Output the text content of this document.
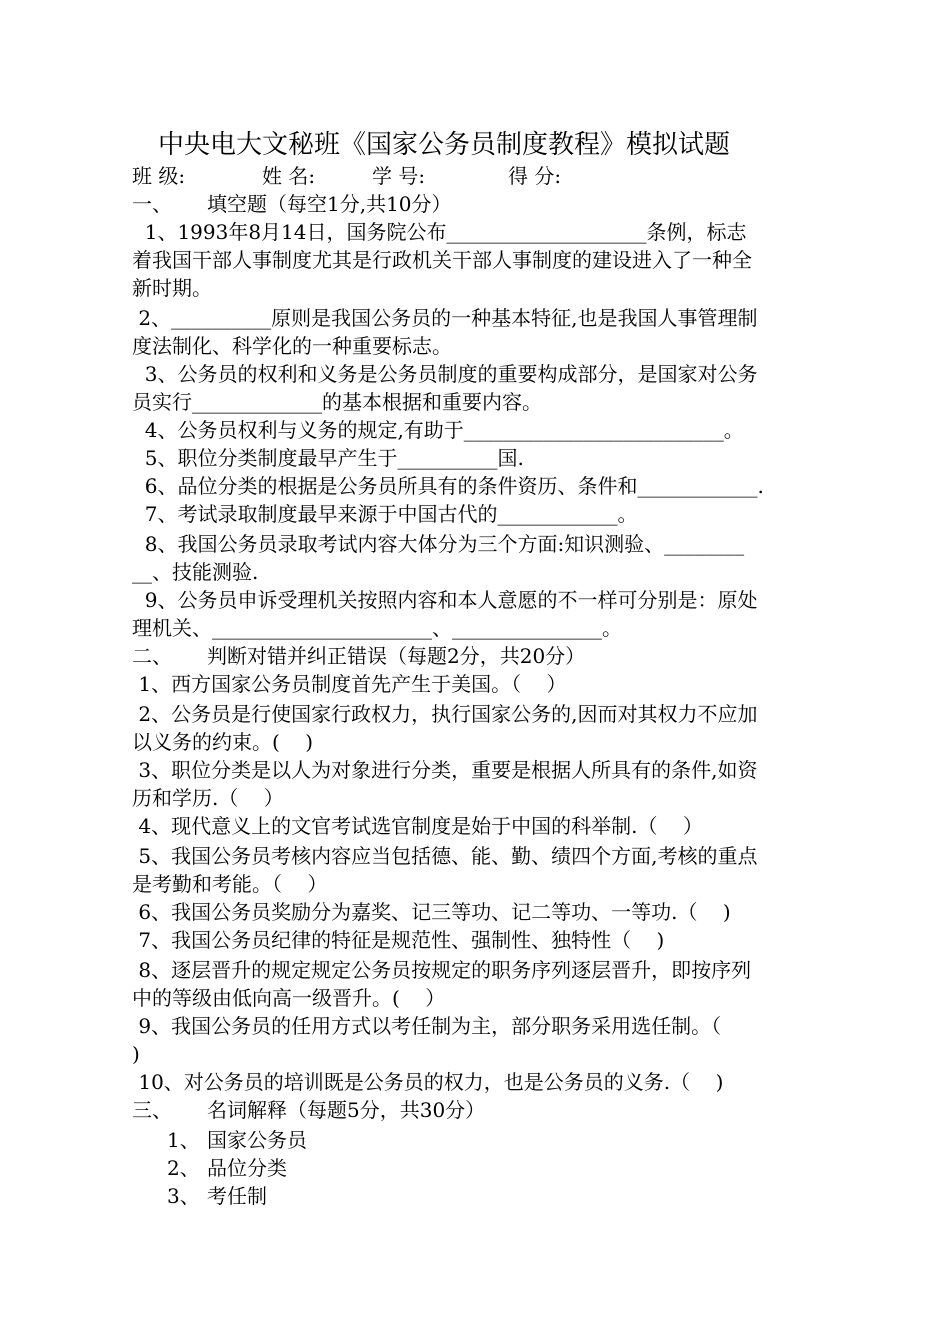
中央电大文秘班《国家公务员制度教程》模拟试题
班 级:	姓 名:	学 号:	得 分:
一、 填空题（每空1分,共10分）
1、1993年8月14日，国务院公布____________________条例，标志
着我国干部人事制度尤其是行政机关干部人事制度的建设进入了一种全
新时期。
2、__________原则是我国公务员的一种基本特征,也是我国人事管理制
度法制化、科学化的一种重要标志。
3、公务员的权利和义务是公务员制度的重要构成部分，是国家对公务
员实行_____________的基本根据和重要内容。
4、公务员权利与义务的规定,有助于__________________________。
5、职位分类制度最早产生于__________国.
6、品位分类的根据是公务员所具有的条件资历、条件和____________.
7、考试录取制度最早来源于中国古代的____________。
8、我国公务员录取考试内容大体分为三个方面:知识测验、________
__、技能测验.
9、公务员申诉受理机关按照内容和本人意愿的不一样可分别是：原处
理机关、______________________、_______________。
二、 判断对错并纠正错误（每题2分，共20分）
1、西方国家公务员制度首先产生于美国。（    ）
2、公务员是行使国家行政权力，执行国家公务的,因而对其权力不应加
以义务的约束。(    )
3、职位分类是以人为对象进行分类，重要是根据人所具有的条件,如资
历和学历.（    ）
4、现代意义上的文官考试选官制度是始于中国的科举制.（    ）
5、我国公务员考核内容应当包括德、能、勤、绩四个方面,考核的重点
是考勤和考能。（    ）
6、我国公务员奖励分为嘉奖、记三等功、记二等功、一等功.（    )
7、我国公务员纪律的特征是规范性、强制性、独特性（    )
8、逐层晋升的规定规定公务员按规定的职务序列逐层晋升，即按序列
中的等级由低向高一级晋升。(    ）
9、我国公务员的任用方式以考任制为主，部分职务采用选任制。（
)
10、对公务员的培训既是公务员的权力，也是公务员的义务.（    )
三、 名词解释（每题5分，共30分）
1、 国家公务员
2、 品位分类
3、 考任制
